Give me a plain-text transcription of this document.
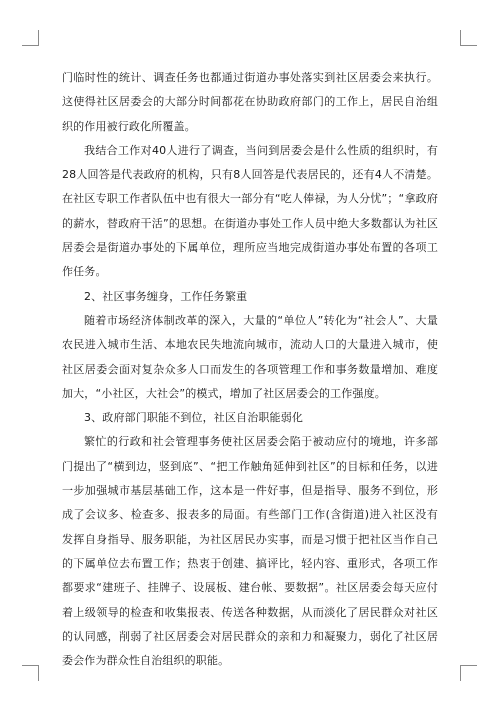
门临时性的统计、调查任务也都通过街道办事处落实到社区居委会来执行。这使得社区居委会的大部分时间都花在协助政府部门的工作上，居民自治组织的作用被行政化所覆盖。

我结合工作对40人进行了调查，当问到居委会是什么性质的组织时，有28人回答是代表政府的机构，只有8人回答是代表居民的，还有4人不清楚。在社区专职工作者队伍中也有很大一部分有“吃人俸禄，为人分忧”；“拿政府的薪水，替政府干活”的思想。在街道办事处工作人员中绝大多数都认为社区居委会是街道办事处的下属单位，理所应当地完成街道办事处布置的各项工作任务。

2、社区事务缠身，工作任务繁重

随着市场经济体制改革的深入，大量的“单位人”转化为“社会人”、大量农民进入城市生活、本地农民失地流向城市，流动人口的大量进入城市，使社区居委会面对复杂众多人口而发生的各项管理工作和事务数量增加、难度加大，“小社区，大社会”的模式，增加了社区居委会的工作强度。

3、政府部门职能不到位，社区自治职能弱化

繁忙的行政和社会管理事务使社区居委会陷于被动应付的境地，许多部门提出了“横到边，竖到底”、“把工作触角延伸到社区”的目标和任务，以进一步加强城市基层基础工作，这本是一件好事，但是指导、服务不到位，形成了会议多、检查多、报表多的局面。有些部门工作(含街道)进入社区没有发挥自身指导、服务职能，为社区居民办实事，而是习惯于把社区当作自己的下属单位去布置工作；热衷于创建、搞评比，轻内容、重形式，各项工作都要求“建班子、挂牌子、设展板、建台帐、要数据”。社区居委会每天应付着上级领导的检查和收集报表、传送各种数据，从而淡化了居民群众对社区的认同感，削弱了社区居委会对居民群众的亲和力和凝聚力，弱化了社区居委会作为群众性自治组织的职能。
